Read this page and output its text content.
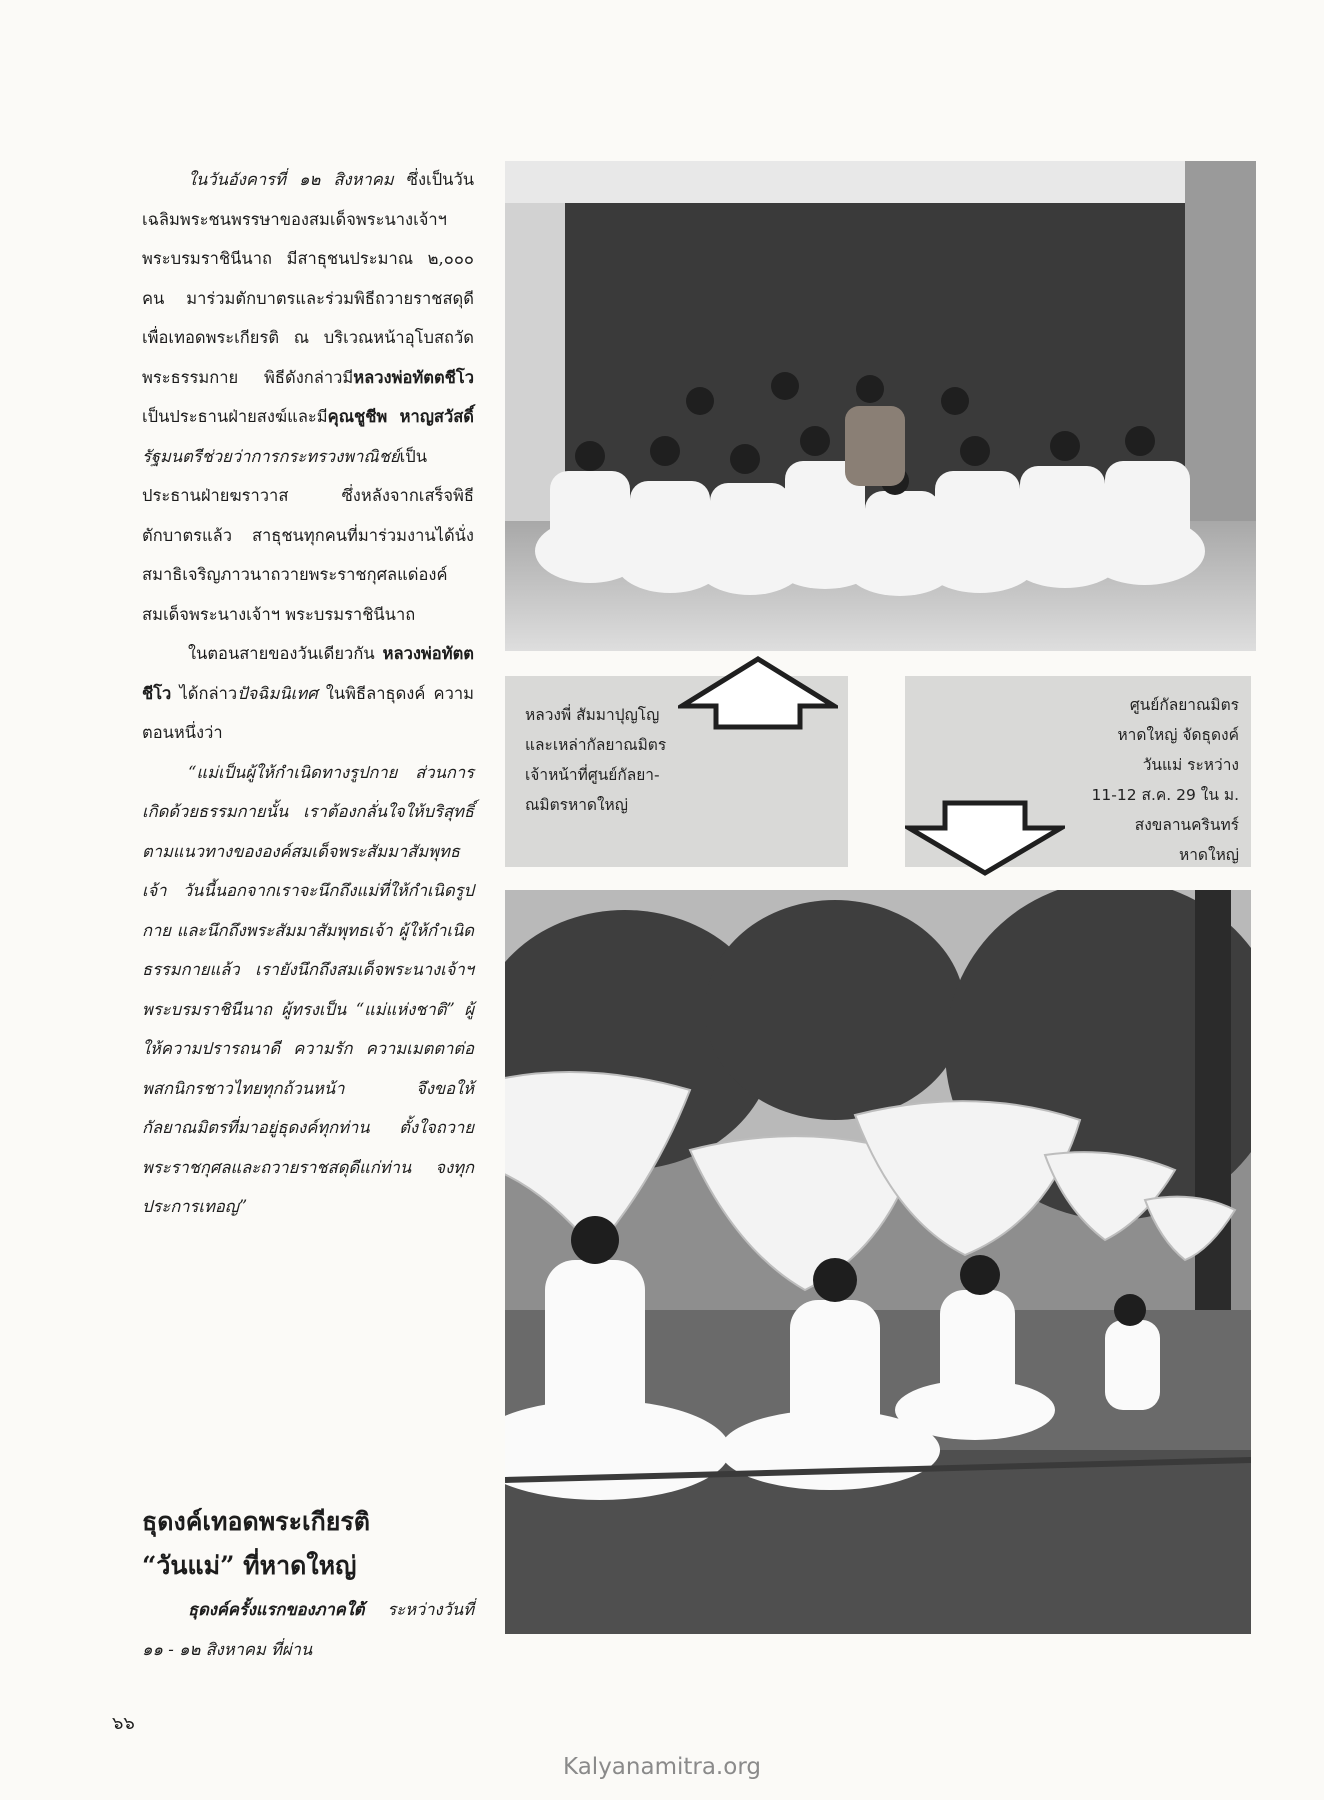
ในวันอังคารที่ ๑๒ สิงหาคม ซึ่งเป็นวันเฉลิมพระชนพรรษาของสมเด็จพระนางเจ้าฯ พระบรมราชินีนาถ มีสาธุชนประมาณ ๒,๐๐๐ คน มาร่วมตักบาตรและร่วมพิธีถวายราชสดุดีเพื่อเทอดพระเกียรติ ณ บริเวณหน้าอุโบสถวัดพระธรรมกาย พิธีดังกล่าวมีหลวงพ่อทัตตชีโวเป็นประธานฝ่ายสงฆ์และมีคุณชูชีพ หาญสวัสดิ์ รัฐมนตรีช่วยว่าการกระทรวงพาณิชย์เป็นประธานฝ่ายฆราวาส ซึ่งหลังจากเสร็จพิธีตักบาตรแล้ว สาธุชนทุกคนที่มาร่วมงานได้นั่งสมาธิเจริญภาวนาถวายพระราชกุศลแด่องค์สมเด็จพระนางเจ้าฯ พระบรมราชินีนาถ

ในตอนสายของวันเดียวกัน หลวงพ่อทัตตชีโว ได้กล่าวปัจฉิมนิเทศ ในพิธีลาธุดงค์ ความตอนหนึ่งว่า

“แม่เป็นผู้ให้กำเนิดทางรูปกาย ส่วนการเกิดด้วยธรรมกายนั้น เราต้องกลั่นใจให้บริสุทธิ์ ตามแนวทางขององค์สมเด็จพระสัมมาสัมพุทธเจ้า วันนี้นอกจากเราจะนึกถึงแม่ที่ให้กำเนิดรูปกาย และนึกถึงพระสัมมาสัมพุทธเจ้า ผู้ให้กำเนิดธรรมกายแล้ว เรายังนึกถึงสมเด็จพระนางเจ้าฯ พระบรมราชินีนาถ ผู้ทรงเป็น “แม่แห่งชาติ” ผู้ให้ความปรารถนาดี ความรัก ความเมตตาต่อพสกนิกรชาวไทยทุกถ้วนหน้า จึงขอให้กัลยาณมิตรที่มาอยู่ธุดงค์ทุกท่าน ตั้งใจถวายพระราชกุศลและถวายราชสดุดีแก่ท่าน จงทุกประการเทอญ”

ธุดงค์เทอดพระเกียรติ
“วันแม่” ที่หาดใหญ่

ธุดงค์ครั้งแรกของภาคใต้ ระหว่างวันที่ ๑๑ - ๑๒ สิงหาคม ที่ผ่าน

หลวงพี่ สัมมาปุญโญ
และเหล่ากัลยาณมิตร
เจ้าหน้าที่ศูนย์กัลยา-
ณมิตรหาดใหญ่

ศูนย์กัลยาณมิตร
หาดใหญ่ จัดธุดงค์
วันแม่ ระหว่าง
11-12 ส.ค. 29 ใน ม.
สงขลานครินทร์
หาดใหญ่

๖๖
Kalyanamitra.org
